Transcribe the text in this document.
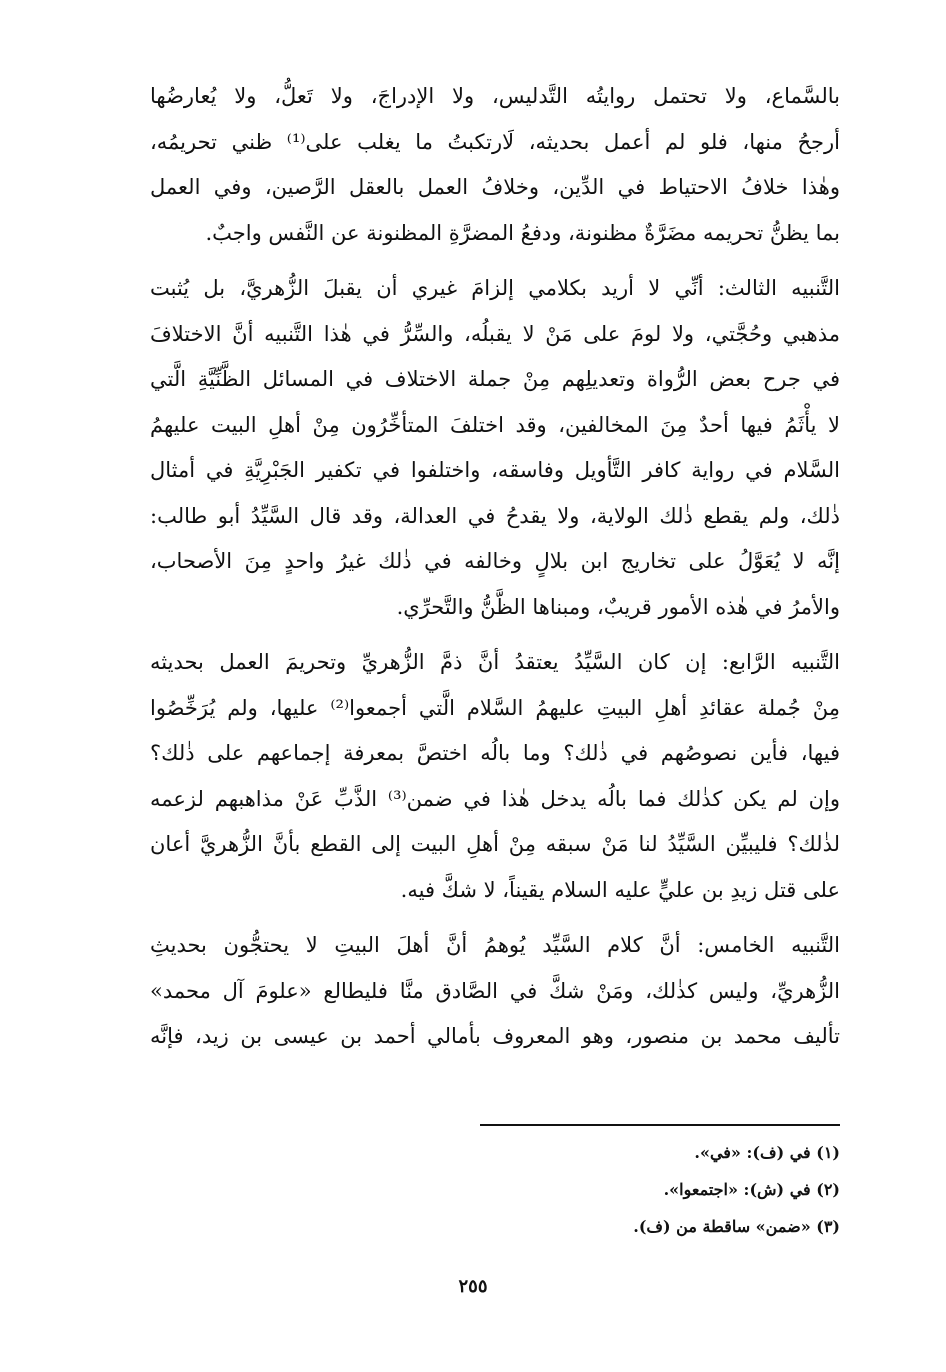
بالسَّماع، ولا تحتمل روايتُه التَّدليس، ولا الإدراجَ، ولا تَعلُّ، ولا يُعارضُها
أرجحُ منها، فلو لم أعمل بحديثه، لَارتكبتُ ما يغلب على⁽¹⁾ ظني تحريمُه،
وهٰذا خلافُ الاحتياط في الدِّين، وخلافُ العمل بالعقل الرَّصين، وفي العمل
بما يظنُّ تحريمه مضَرَّةٌ مظنونة، ودفعُ المضرَّةِ المظنونة عن النَّفس واجبٌ.

التَّنبيه الثالث: أنِّي لا أريد بكلامي إلزامَ غيري أن يقبلَ الزُّهريَّ، بل يُثبت
مذهبي وحُجَّتي، ولا لومَ على مَنْ لا يقبلُه، والسِّرُّ في هٰذا التَّنبيه أنَّ الاختلافَ
في جرح بعض الرُّواة وتعديلِهم مِنْ جملة الاختلاف في المسائل الظَّنِّيَّةِ الَّتي
لا يأْثَمُ فيها أحدٌ مِنَ المخالفين، وقد اختلفَ المتأخِّرُون مِنْ أهلِ البيت عليهمُ
السَّلام في رواية كافر التَّأويل وفاسقه، واختلفوا في تكفير الجَبْرِيَّةِ في أمثال
ذٰلك، ولم يقطع ذٰلك الولاية، ولا يقدحُ في العدالة، وقد قال السَّيِّدُ أبو طالب:
إنَّه لا يُعَوَّلُ على تخاريج ابن بلالٍ وخالفه في ذٰلك غيرُ واحدٍ مِنَ الأصحاب،
والأمرُ في هٰذه الأمور قريبٌ، ومبناها الظَّنُّ والتَّحرِّي.

التَّنبيه الرَّابع: إن كان السَّيِّدُ يعتقدُ أنَّ ذمَّ الزُّهريِّ وتحريمَ العمل بحديثه
مِنْ جُملة عقائدِ أهلِ البيتِ عليهمُ السَّلام الَّتي أجمعوا⁽²⁾ عليها، ولم يُرَخِّصُوا
فيها، فأين نصوصُهم في ذٰلك؟ وما بالُه اختصَّ بمعرفة إجماعهم على ذٰلك؟
وإن لم يكن كذٰلك فما بالُه يدخل هٰذا في ضمن⁽³⁾ الذَّبِّ عَنْ مذاهبهم لزعمه
لذٰلك؟ فليبيِّن السَّيِّدُ لنا مَنْ سبقه مِنْ أهلِ البيت إلى القطع بأنَّ الزُّهريَّ أعان
على قتل زيدِ بن عليٍّ عليه السلام يقيناً، لا شكَّ فيه.

التَّنبيه الخامس: أنَّ كلام السَّيِّد يُوهمُ أنَّ أهلَ البيتِ لا يحتجُّون بحديثِ
الزُّهريِّ، وليس كذٰلك، ومَنْ شكَّ في الصَّادق منَّا فليطالع «علومَ آل محمد»
تأليف محمد بن منصور، وهو المعروف بأمالي أحمد بن عيسى بن زيد، فإنَّه

(١) في (ف): «في».
(٢) في (ش): «اجتمعوا».
(٣) «ضمن» ساقطة من (ف).
٢٥٥
